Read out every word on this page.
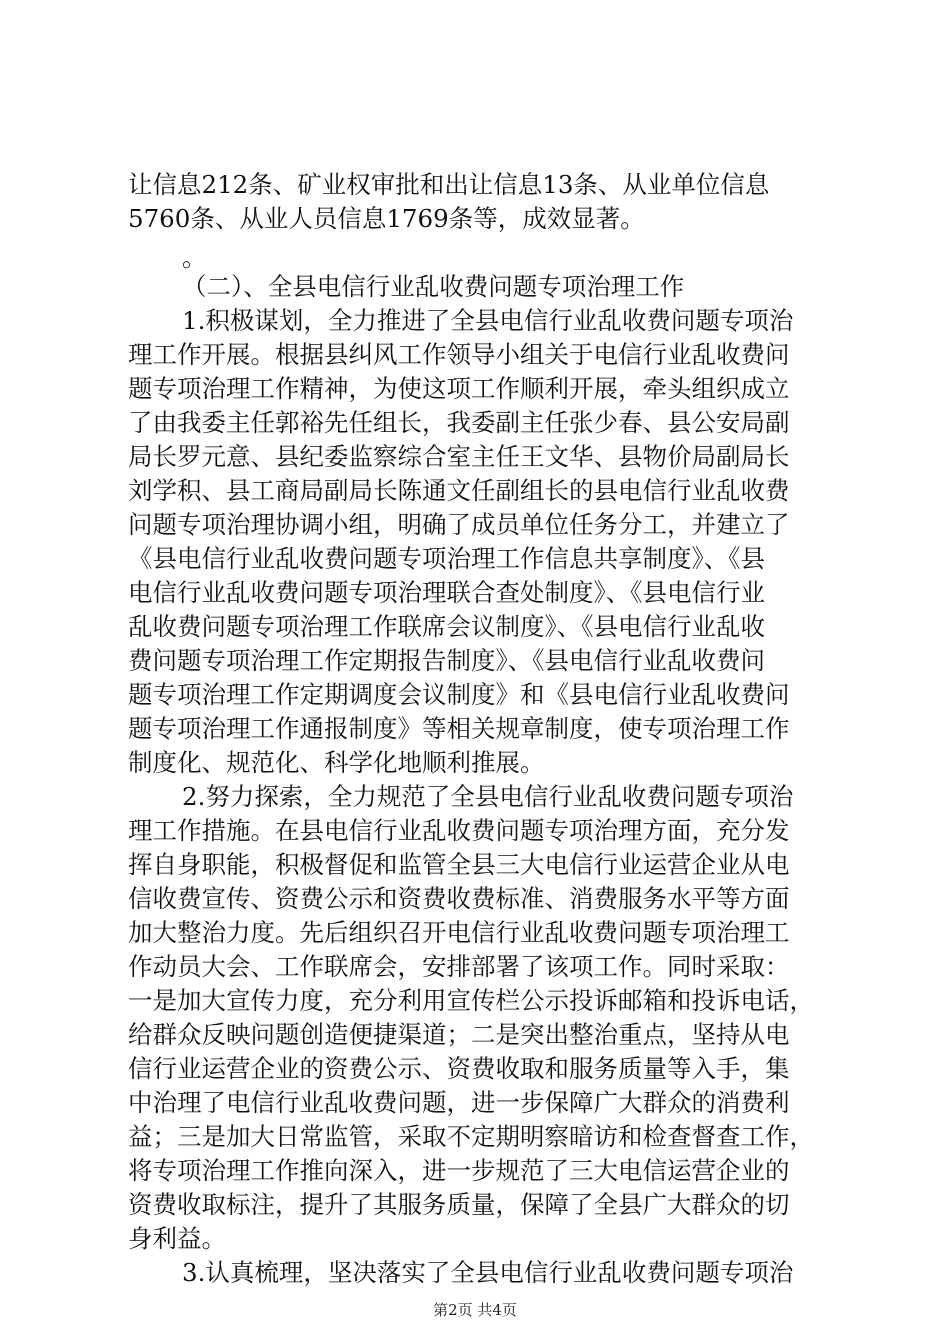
让信息212条、矿业权审批和出让信息13条、从业单位信息
5760条、从业人员信息1769条等，成效显著。
。
（二）、全县电信行业乱收费问题专项治理工作
1.积极谋划，全力推进了全县电信行业乱收费问题专项治
理工作开展。根据县纠风工作领导小组关于电信行业乱收费问
题专项治理工作精神，为使这项工作顺利开展，牵头组织成立
了由我委主任郭裕先任组长，我委副主任张少春、县公安局副
局长罗元意、县纪委监察综合室主任王文华、县物价局副局长
刘学积、县工商局副局长陈通文任副组长的县电信行业乱收费
问题专项治理协调小组，明确了成员单位任务分工，并建立了
《县电信行业乱收费问题专项治理工作信息共享制度》、《县
电信行业乱收费问题专项治理联合查处制度》、《县电信行业
乱收费问题专项治理工作联席会议制度》、《县电信行业乱收
费问题专项治理工作定期报告制度》、《县电信行业乱收费问
题专项治理工作定期调度会议制度》和《县电信行业乱收费问
题专项治理工作通报制度》等相关规章制度，使专项治理工作
制度化、规范化、科学化地顺利推展。
2.努力探索，全力规范了全县电信行业乱收费问题专项治
理工作措施。在县电信行业乱收费问题专项治理方面，充分发
挥自身职能，积极督促和监管全县三大电信行业运营企业从电
信收费宣传、资费公示和资费收费标准、消费服务水平等方面
加大整治力度。先后组织召开电信行业乱收费问题专项治理工
作动员大会、工作联席会，安排部署了该项工作。同时采取：
一是加大宣传力度，充分利用宣传栏公示投诉邮箱和投诉电话，
给群众反映问题创造便捷渠道；二是突出整治重点，坚持从电
信行业运营企业的资费公示、资费收取和服务质量等入手，集
中治理了电信行业乱收费问题，进一步保障广大群众的消费利
益；三是加大日常监管，采取不定期明察暗访和检查督查工作，
将专项治理工作推向深入，进一步规范了三大电信运营企业的
资费收取标注，提升了其服务质量，保障了全县广大群众的切
身利益。
3.认真梳理，坚决落实了全县电信行业乱收费问题专项治
第2页 共4页
